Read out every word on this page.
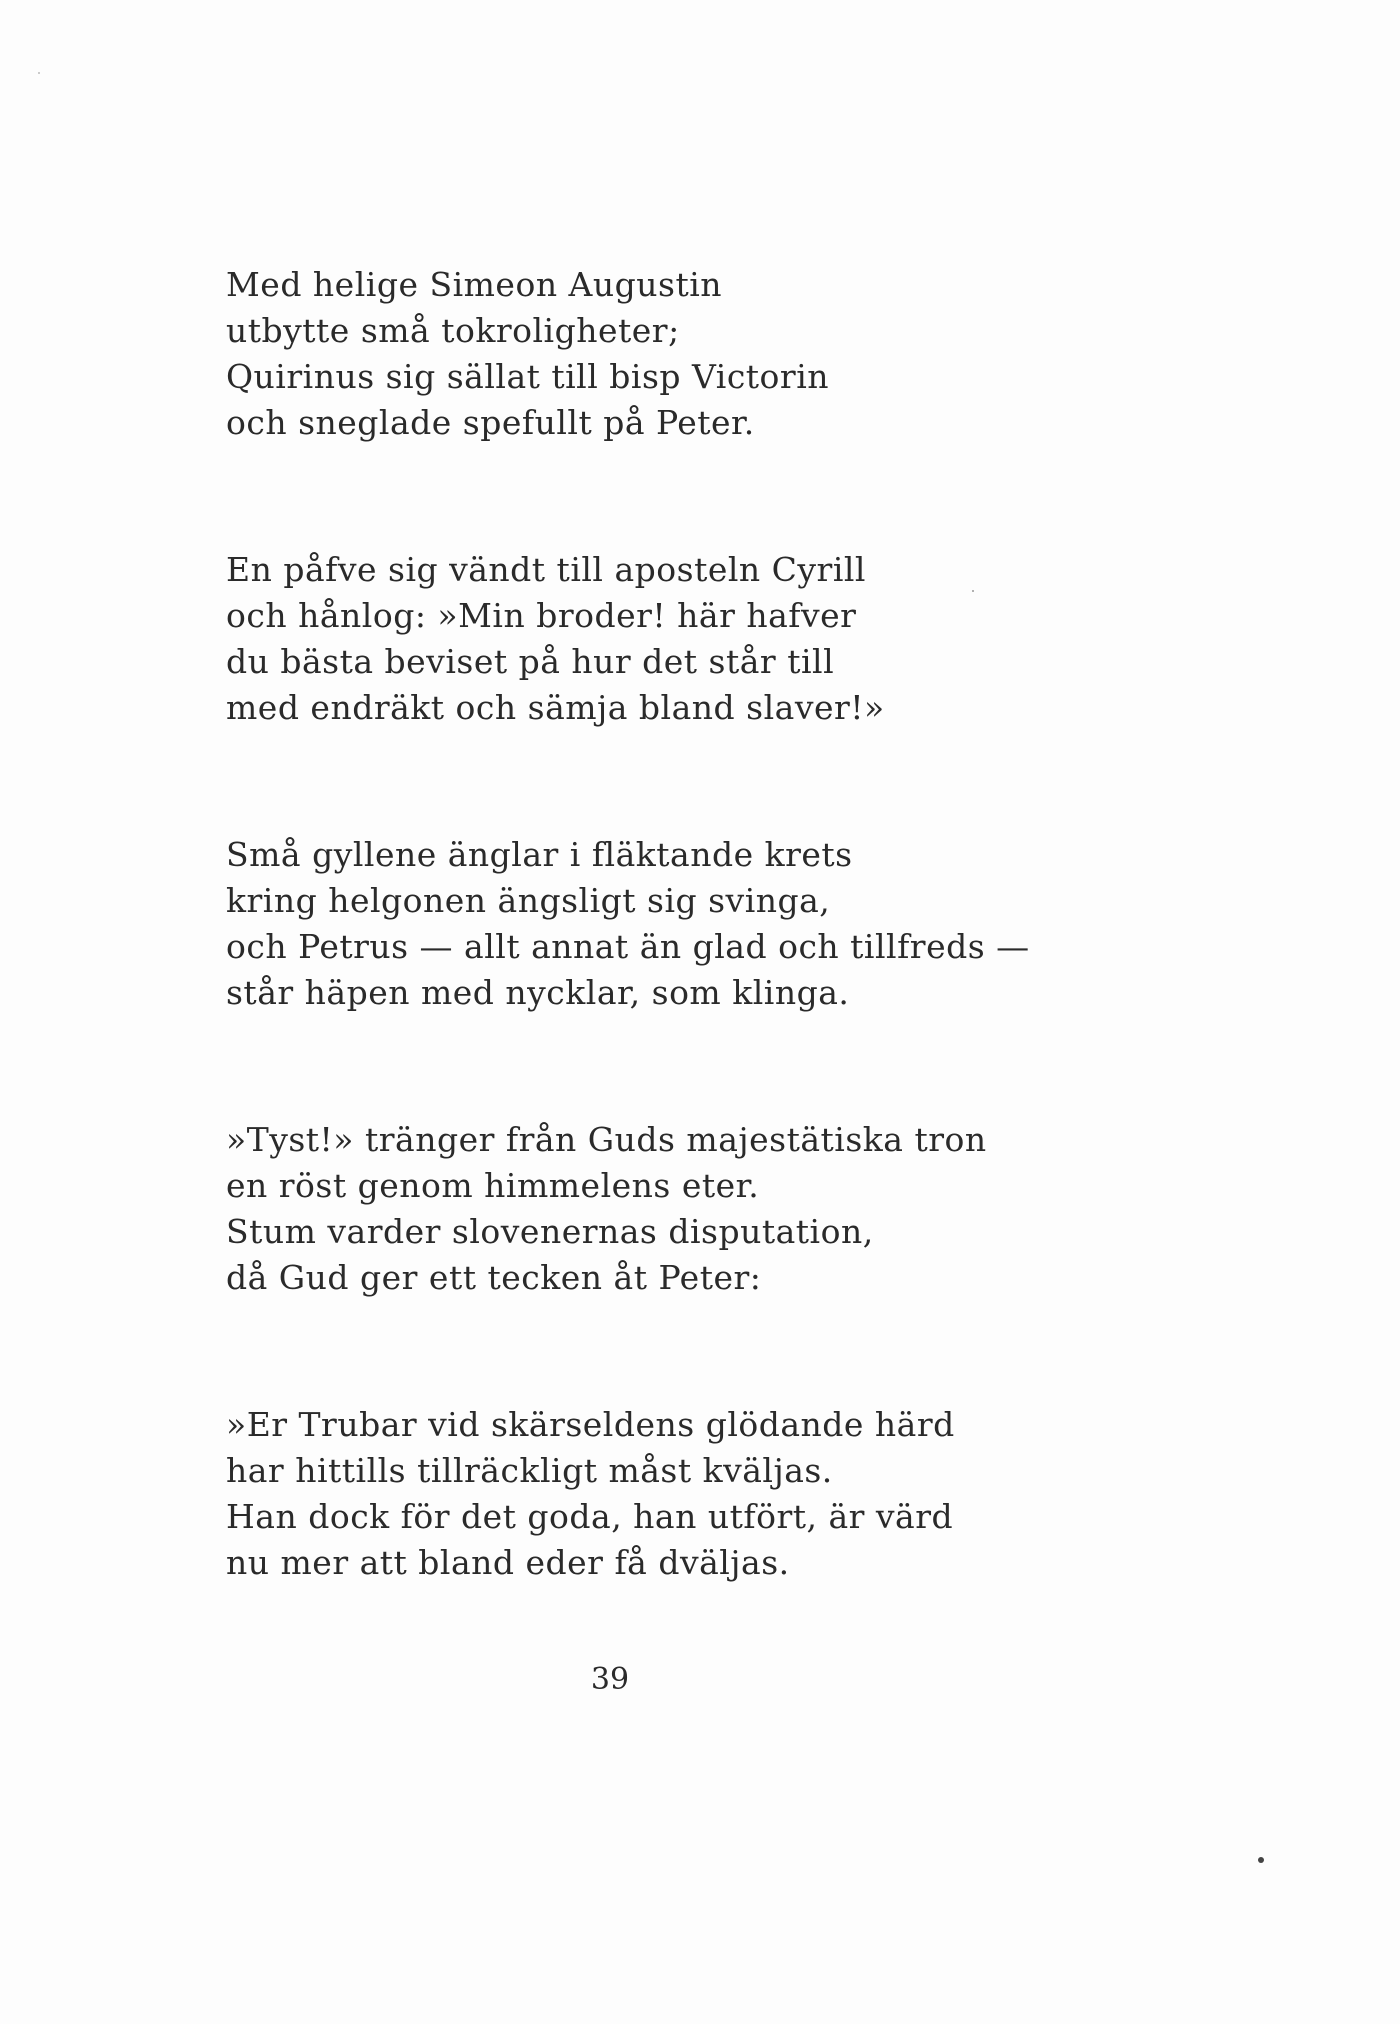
Med helige Simeon Augustin
utbytte små tokroligheter;
Quirinus sig sällat till bisp Victorin
och sneglade spefullt på Peter.
En påfve sig vändt till aposteln Cyrill
och hånlog: »Min broder! här hafver
du bästa beviset på hur det står till
med endräkt och sämja bland slaver!»
Små gyllene änglar i fläktande krets
kring helgonen ängsligt sig svinga,
och Petrus — allt annat än glad och tillfreds —
står häpen med nycklar, som klinga.
»Tyst!» tränger från Guds majestätiska tron
en röst genom himmelens eter.
Stum varder slovenernas disputation,
då Gud ger ett tecken åt Peter:
»Er Trubar vid skärseldens glödande härd
har hittills tillräckligt måst kväljas.
Han dock för det goda, han utfört, är värd
nu mer att bland eder få dväljas.
39
